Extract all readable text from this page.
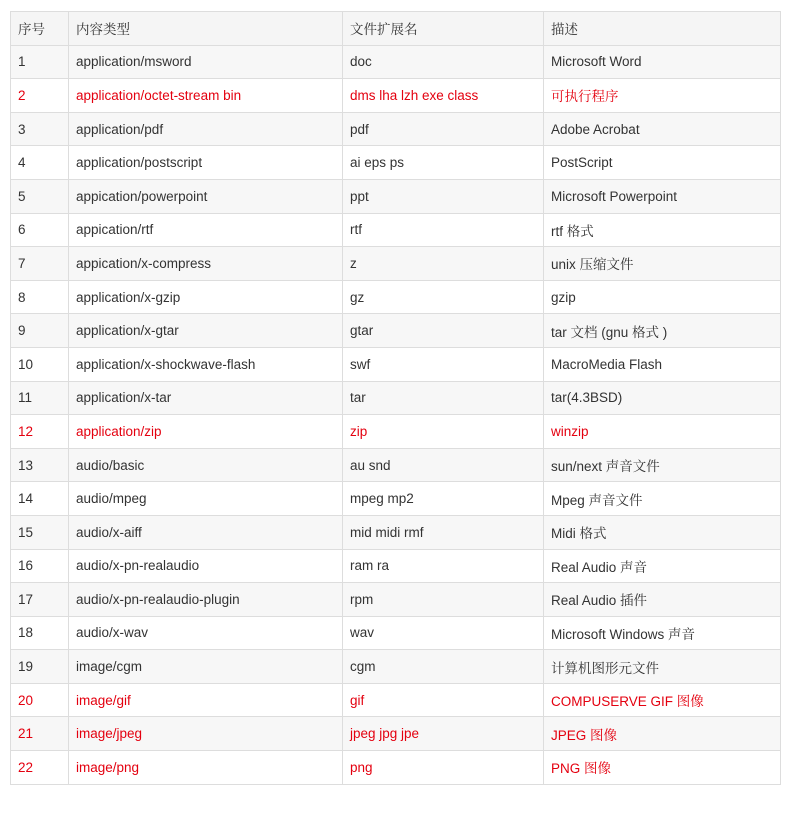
序号	内容类型	文件扩展名	描述
1	application/msword	doc	Microsoft Word
2	application/octet-stream bin	dms lha lzh exe class	可执行程序
3	application/pdf	pdf	Adobe Acrobat
4	application/postscript	ai eps ps	PostScript
5	appication/powerpoint	ppt	Microsoft Powerpoint
6	appication/rtf	rtf	rtf 格式
7	appication/x-compress	z	unix 压缩文件
8	application/x-gzip	gz	gzip
9	application/x-gtar	gtar	tar 文档 (gnu 格式 )
10	application/x-shockwave-flash	swf	MacroMedia Flash
11	application/x-tar	tar	tar(4.3BSD)
12	application/zip	zip	winzip
13	audio/basic	au snd	sun/next 声音文件
14	audio/mpeg	mpeg mp2	Mpeg 声音文件
15	audio/x-aiff	mid midi rmf	Midi 格式
16	audio/x-pn-realaudio	ram ra	Real Audio 声音
17	audio/x-pn-realaudio-plugin	rpm	Real Audio 插件
18	audio/x-wav	wav	Microsoft Windows 声音
19	image/cgm	cgm	计算机图形元文件
20	image/gif	gif	COMPUSERVE GIF 图像
21	image/jpeg	jpeg jpg jpe	JPEG 图像
22	image/png	png	PNG 图像
